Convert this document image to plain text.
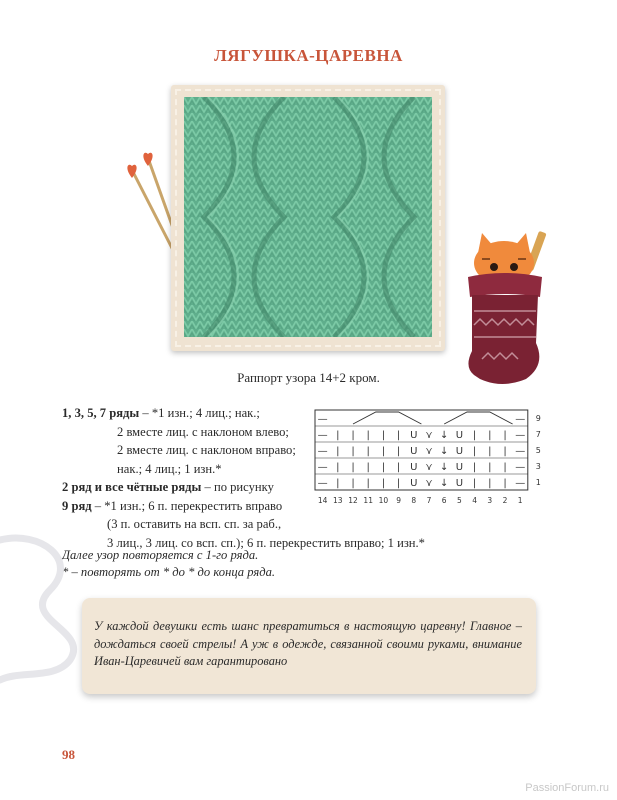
ЛЯГУШКА-ЦАРЕВНА
Раппорт узора 14+2 кром.
1, 3, 5, 7 ряды – *1 изн.; 4 лиц.; нак.;
2 вместе лиц. с наклоном влево;
2 вместе лиц. с наклоном вправо;
нак.; 4 лиц.; 1 изн.*
2 ряд и все чётные ряды – по рисунку
9 ряд – *1 изн.; 6 п. перекрестить вправо
(3 п. оставить на всп. сп. за раб.,
3 лиц., 3 лиц. со всп. сп.); 6 п. перекрестить вправо; 1 изн.*
—
—
—
—
—
|
|
|
|
|
|
|
|
|
|
|
|
|
|
|
|
|
|
|
|
U
U
U
U
⋎
⋎
⋎
⋎
↓
↓
↓
↓
U
U
U
U
|
|
|
|
|
|
|
|
|
|
|
|
—
—
—
—
—
9
7
5
3
1
14 13 12 11 10 9 8 7 6 5 4 3 2 1
Далее узор повторяется с 1-го ряда.
* – повторять от * до * до конца ряда.
У каждой девушки есть шанс превратиться в настоящую царевну! Главное – дождаться своей стрелы! А уж в одежде, связанной своими руками, внимание Иван-Царевичей вам гарантировано
98
PassionForum.ru
